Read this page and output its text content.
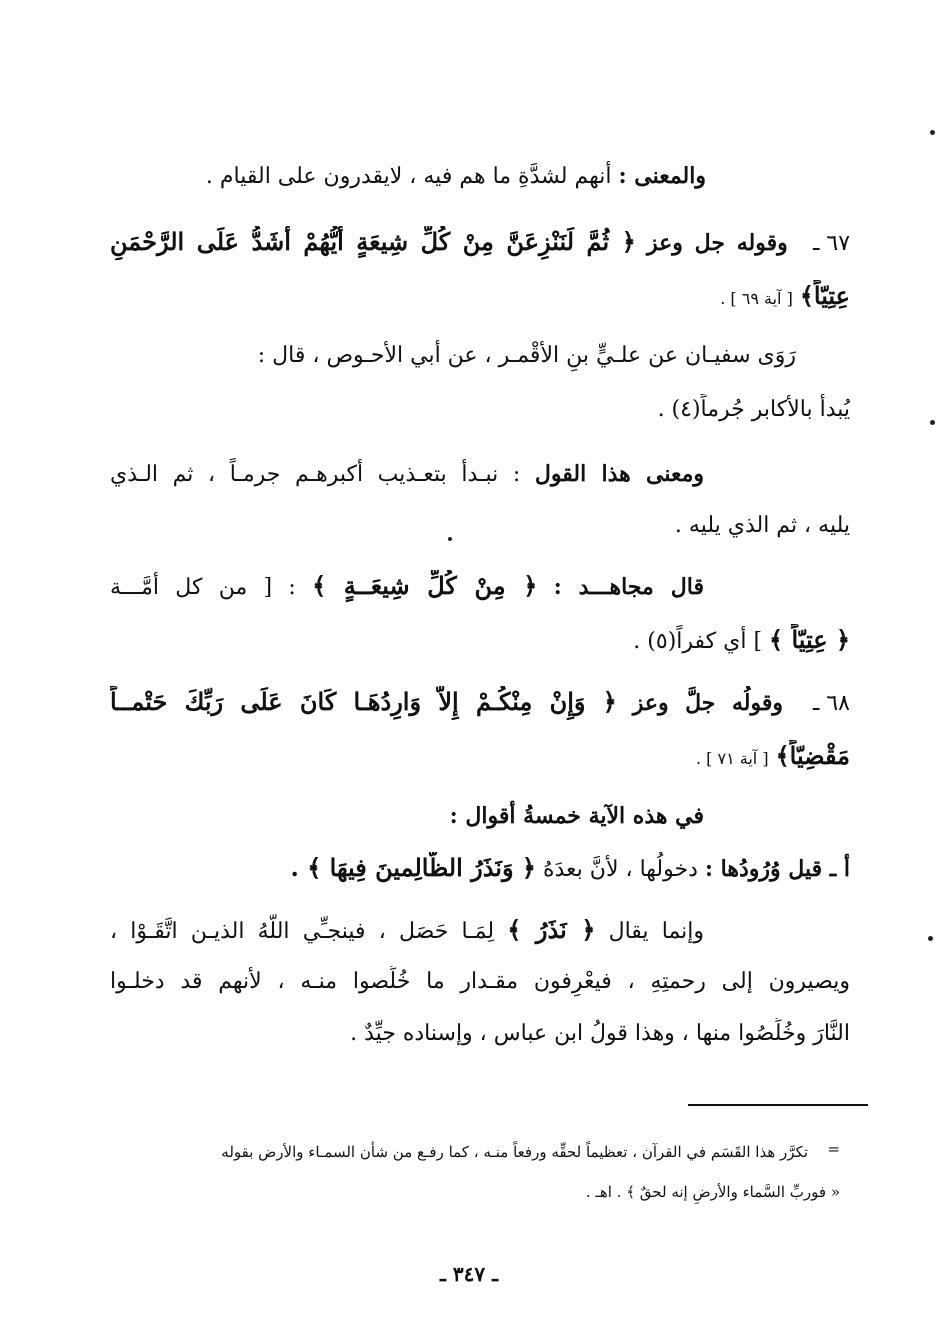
والمعنى : أنهم لشدَّةِ ما هم فيه ، لايقدرون على القيام .
٦٧ ـ وقوله جل وعز ﴿ ثُمَّ لَنَنْزِعَنَّ مِنْ كُلِّ شِيعَةٍ أَيُّهُمْ أَشَدُّ عَلَى الرَّحْمَنِ
عِتِيّاً﴾ [ آية ٦٩ ] .
رَوَى سفيـان عن علـيٍّ بنِ الأقْمـر ، عن أبي الأحـوص ، قال :
يُبدأ بالأكابر جُرماً(٤) .
ومعنى هذا القول : نبـدأ بتعـذيب أكبرهـم جرمـاً ، ثم الـذي
يليه ، ثم الذي يليه .
قال مجاهـــد : ﴿ مِنْ كُلِّ شِيعَــةٍ ﴾ : [ من كل أمَّـــة
﴿ عِتِيّاً ﴾ ] أي كفراً(٥) .
٦٨ ـ وقولُه جلَّ وعز ﴿ وَإِنْ مِنْكُـمْ إِلاَّ وَارِدُهَـا كَانَ عَلَى رَبِّكَ حَتْمــاً
مَقْضِيّاً﴾ [ آية ٧١ ] .
في هذه الآية خمسةُ أقوال :
أ ـ قيل وُرُودُها : دخولُها ، لأنَّ بعدَهُ ﴿ وَنَذَرُ الظَّالِمينَ فِيهَا ﴾ .
وإنما يقال ﴿ نَذَرُ ﴾ لِمَـا حَصَل ، فينجـِّي اللَّهُ الذيـن اتَّقَـوْا ،
ويصيرون إلى رحمتِهِ ، فيعْرِفون مقـدار ما خُلِّصوا منـه ، لأنهم قد دخلـوا
النَّارَ وخُلِّصُوا منها ، وهذا قولُ ابن عباس ، وإسناده جيِّدٌ .
=
تكرَّر هذا القَسَم في القرآن ، تعظيماً لحقِّه ورفعاً منـه ، كما رفـع من شأن السمـاء والأرض بقوله
« فوربِّ السَّماء والأرضِ إنه لحقٌ ﴾ . اهـ .
ـ ٣٤٧ ـ
